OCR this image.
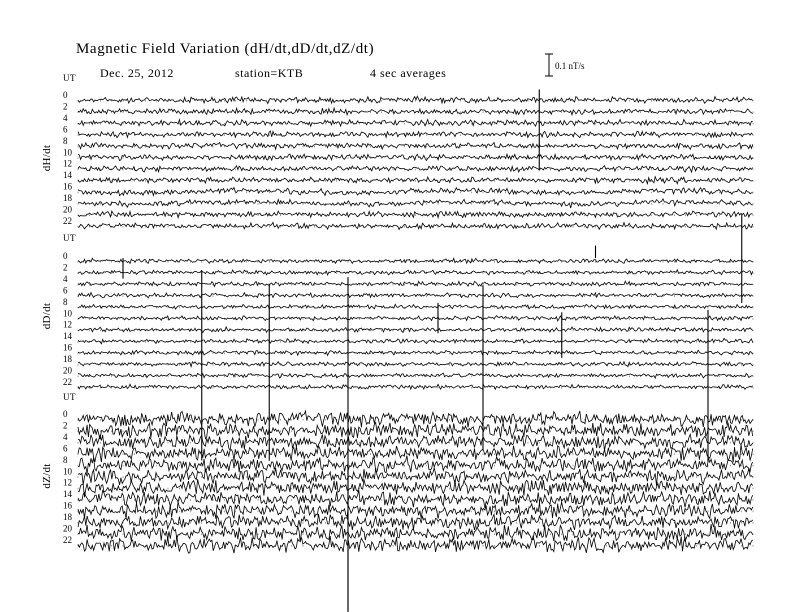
Magnetic Field Variation (dH/dt,dD/dt,dZ/dt)
Dec. 25, 2012	station=KTB	4 sec averages	0.1 nT/s
UT
dH/dt
0
2
4
6
8
10
12
14
16
18
20
22
UT
dD/dt
0
2
4
6
8
10
12
14
16
18
20
22
UT
dZ/dt
0
2
4
6
8
10
12
14
16
18
20
22
